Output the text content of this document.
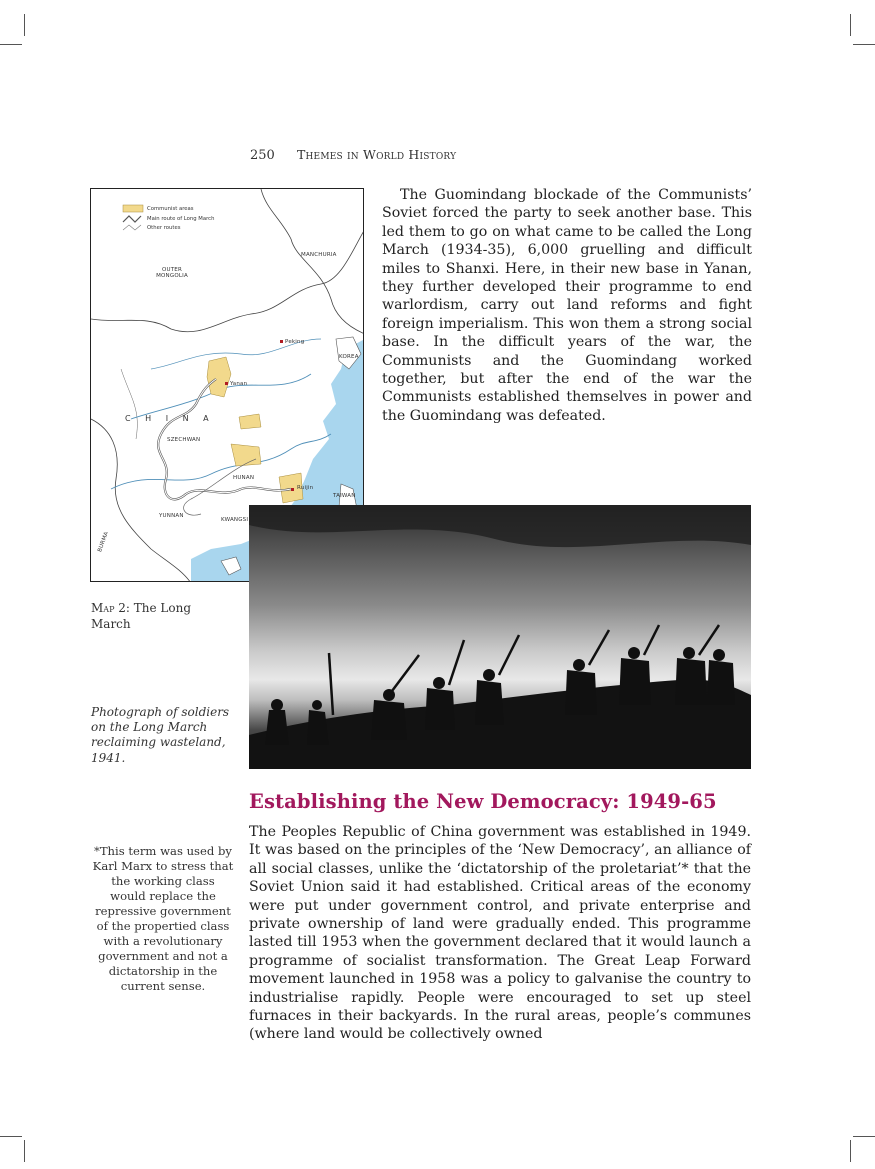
250 Themes in World History
Communist areas
Main route of Long March
Other routes
MANCHURIA
OUTER MONGOLIA
Peking
KOREA
Yanan
C H I N A
SZECHWAN
HUNAN
Ruijin
TAIWAN
YUNNAN
KWANGSI
BURMA

The Guomindang blockade of the Communists’ Soviet forced the party to seek another base. This led them to go on what came to be called the Long March (1934-35), 6,000 gruelling and difficult miles to Shanxi. Here, in their new base in Yanan, they further developed their programme to end warlordism, carry out land reforms and fight foreign imperialism. This won them a strong social base. In the difficult years of the war, the Communists and the Guomindang worked together, but after the end of the war the Communists established themselves in power and the Guomindang was defeated.

Map 2: The Long March

Photograph of soldiers on the Long March reclaiming wasteland, 1941.

Establishing the New Democracy: 1949-65

The Peoples Republic of China government was established in 1949. It was based on the principles of the ‘New Democracy’, an alliance of all social classes, unlike the ‘dictatorship of the proletariat’* that the Soviet Union said it had established. Critical areas of the economy were put under government control, and private enterprise and private ownership of land were gradually ended. This programme lasted till 1953 when the government declared that it would launch a programme of socialist transformation. The Great Leap Forward movement launched in 1958 was a policy to galvanise the country to industrialise rapidly. People were encouraged to set up steel furnaces in their backyards. In the rural areas, people’s communes (where land would be collectively owned

*This term was used by Karl Marx to stress that the working class would replace the repressive government of the propertied class with a revolutionary government and not a dictatorship in the current sense.
